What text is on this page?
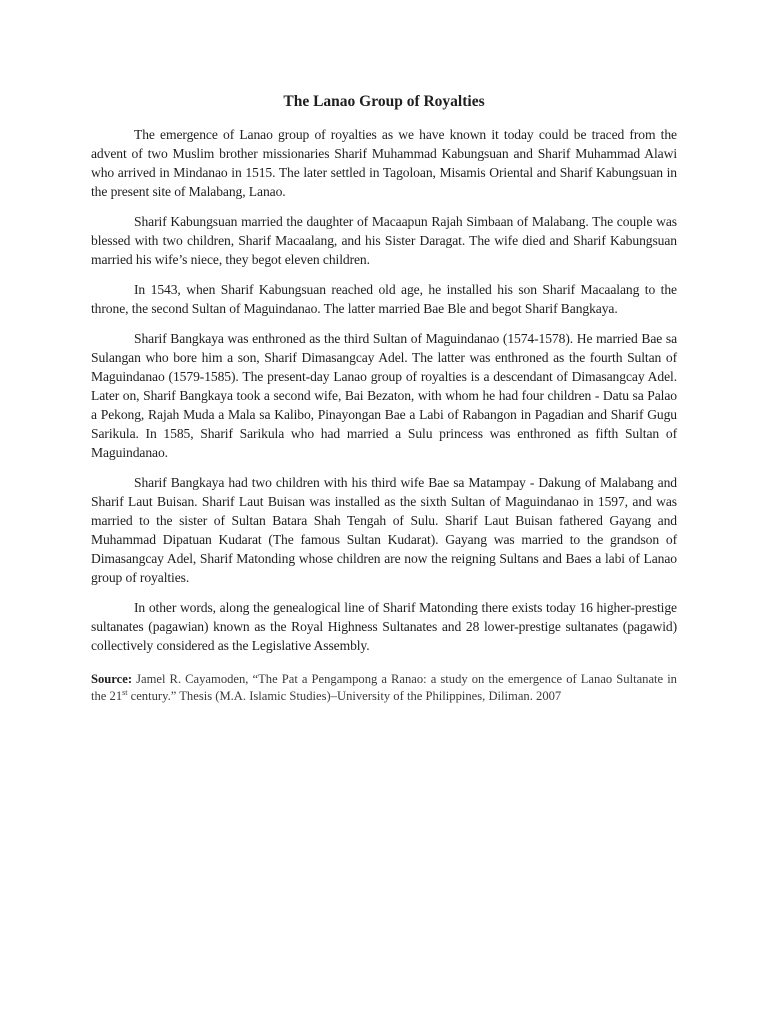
The Lanao Group of Royalties

The emergence of Lanao group of royalties as we have known it today could be traced from the advent of two Muslim brother missionaries Sharif Muhammad Kabungsuan and Sharif Muhammad Alawi who arrived in Mindanao in 1515. The later settled in Tagoloan, Misamis Oriental and Sharif Kabungsuan in the present site of Malabang, Lanao.

Sharif Kabungsuan married the daughter of Macaapun Rajah Simbaan of Malabang. The couple was blessed with two children, Sharif Macaalang, and his Sister Daragat. The wife died and Sharif Kabungsuan married his wife’s niece, they begot eleven children.

In 1543, when Sharif Kabungsuan reached old age, he installed his son Sharif Macaalang to the throne, the second Sultan of Maguindanao. The latter married Bae Ble and begot Sharif Bangkaya.

Sharif Bangkaya was enthroned as the third Sultan of Maguindanao (1574-1578). He married Bae sa Sulangan who bore him a son, Sharif Dimasangcay Adel. The latter was enthroned as the fourth Sultan of Maguindanao (1579-1585). The present-day Lanao group of royalties is a descendant of Dimasangcay Adel. Later on, Sharif Bangkaya took a second wife, Bai Bezaton, with whom he had four children - Datu sa Palao a Pekong, Rajah Muda a Mala sa Kalibo, Pinayongan Bae a Labi of Rabangon in Pagadian and Sharif Gugu Sarikula. In 1585, Sharif Sarikula who had married a Sulu princess was enthroned as fifth Sultan of Maguindanao.

Sharif Bangkaya had two children with his third wife Bae sa Matampay - Dakung of Malabang and Sharif Laut Buisan. Sharif Laut Buisan was installed as the sixth Sultan of Maguindanao in 1597, and was married to the sister of Sultan Batara Shah Tengah of Sulu. Sharif Laut Buisan fathered Gayang and Muhammad Dipatuan Kudarat (The famous Sultan Kudarat). Gayang was married to the grandson of Dimasangcay Adel, Sharif Matonding whose children are now the reigning Sultans and Baes a labi of Lanao group of royalties.

In other words, along the genealogical line of Sharif Matonding there exists today 16 higher-prestige sultanates (pagawian) known as the Royal Highness Sultanates and 28 lower-prestige sultanates (pagawid) collectively considered as the Legislative Assembly.

Source: Jamel R. Cayamoden, “The Pat a Pengampong a Ranao: a study on the emergence of Lanao Sultanate in the 21st century.” Thesis (M.A. Islamic Studies)–University of the Philippines, Diliman. 2007
